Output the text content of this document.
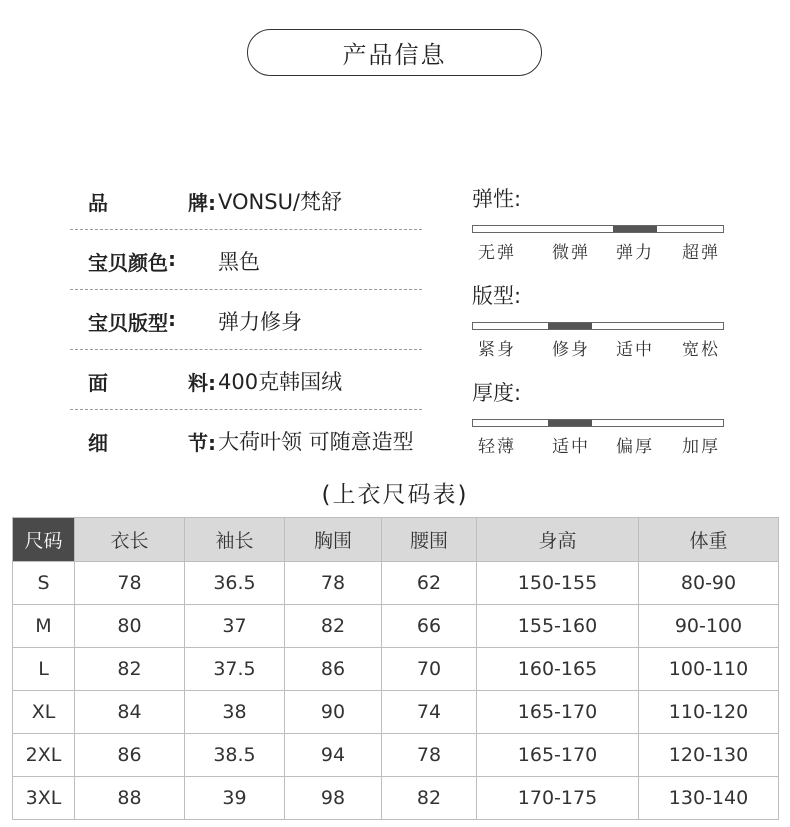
产品信息
品	牌: VONSU/梵舒
宝贝颜色 : 黑色
宝贝版型 : 弹力修身
面	料: 400克韩国绒
细	节: 大荷叶领 可随意造型
弹性:
无弹 微弹 弹力 超弹
版型:
紧身 修身 适中 宽松
厚度:
轻薄 适中 偏厚 加厚
(上衣尺码表)
尺码	衣长	袖长	胸围	腰围	身高	体重
S	78	36.5	78	62	150-155	80-90
M	80	37	82	66	155-160	90-100
L	82	37.5	86	70	160-165	100-110
XL	84	38	90	74	165-170	110-120
2XL	86	38.5	94	78	165-170	120-130
3XL	88	39	98	82	170-175	130-140
